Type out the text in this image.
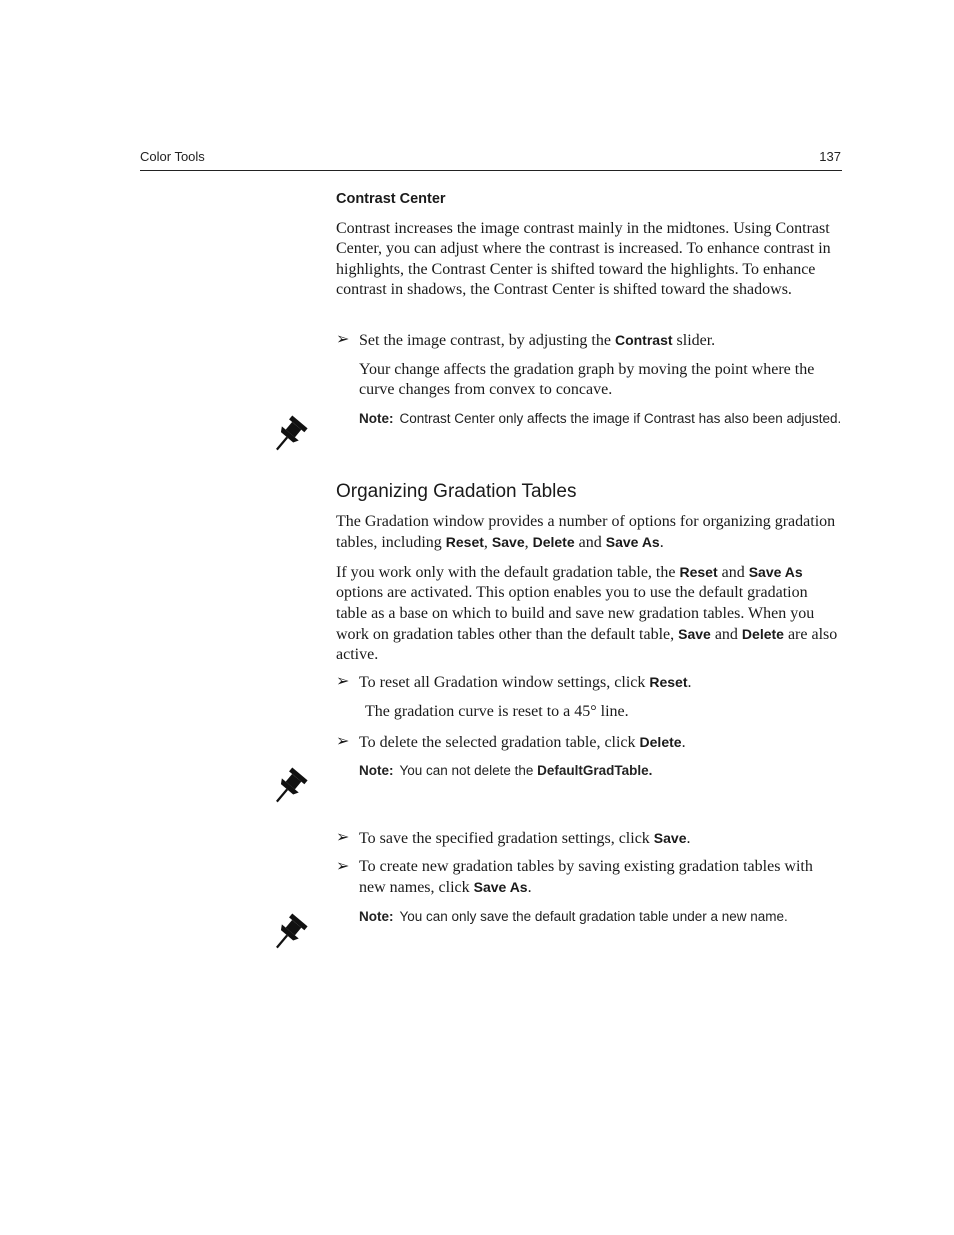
Color Tools	137
Contrast Center

Contrast increases the image contrast mainly in the midtones. Using Contrast Center, you can adjust where the contrast is increased. To enhance contrast in highlights, the Contrast Center is shifted toward the highlights. To enhance contrast in shadows, the Contrast Center is shifted toward the shadows.

➢ Set the image contrast, by adjusting the Contrast slider.

Your change affects the gradation graph by moving the point where the curve changes from convex to concave.

Note: Contrast Center only affects the image if Contrast has also been adjusted.

Organizing Gradation Tables

The Gradation window provides a number of options for organizing gradation tables, including Reset, Save, Delete and Save As.

If you work only with the default gradation table, the Reset and Save As options are activated. This option enables you to use the default gradation table as a base on which to build and save new gradation tables. When you work on gradation tables other than the default table, Save and Delete are also active.

➢ To reset all Gradation window settings, click Reset.

The gradation curve is reset to a 45° line.

➢ To delete the selected gradation table, click Delete.

Note: You can not delete the DefaultGradTable.

➢ To save the specified gradation settings, click Save.

➢ To create new gradation tables by saving existing gradation tables with new names, click Save As.

Note: You can only save the default gradation table under a new name.
